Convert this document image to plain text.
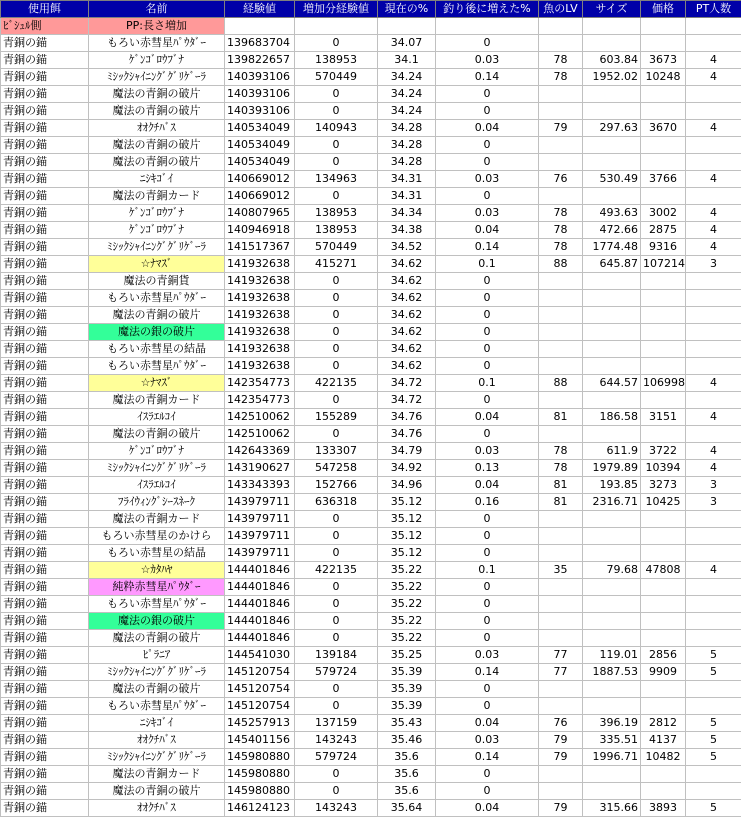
使用餌	名前	経験値	増加分経験値	現在の%	釣り後に増えた%	魚のLV	サイズ	価格	PT人数
ﾋﾞｼｭﾙ側	PP:長さ増加								
青銅の錨	もろい赤彗星ﾊﾟｳﾀﾞｰ	139683704	0	34.07	0				
青銅の錨	ｹﾞﾝｺﾞﾛｳﾌﾞﾅ	139822657	138953	34.1	0.03	78	603.84	3673	4
青銅の錨	ﾐｼｯｸｼｬｲﾆﾝｸﾞｸﾞﾘｹﾞｰﾗ	140393106	570449	34.24	0.14	78	1952.02	10248	4
青銅の錨	魔法の青銅の破片	140393106	0	34.24	0				
青銅の錨	魔法の青銅の破片	140393106	0	34.24	0				
青銅の錨	ｵｵｸﾁﾊﾞｽ	140534049	140943	34.28	0.04	79	297.63	3670	4
青銅の錨	魔法の青銅の破片	140534049	0	34.28	0				
青銅の錨	魔法の青銅の破片	140534049	0	34.28	0				
青銅の錨	ﾆｼｷｺﾞｲ	140669012	134963	34.31	0.03	76	530.49	3766	4
青銅の錨	魔法の青銅カード	140669012	0	34.31	0				
青銅の錨	ｹﾞﾝｺﾞﾛｳﾌﾞﾅ	140807965	138953	34.34	0.03	78	493.63	3002	4
青銅の錨	ｹﾞﾝｺﾞﾛｳﾌﾞﾅ	140946918	138953	34.38	0.04	78	472.66	2875	4
青銅の錨	ﾐｼｯｸｼｬｲﾆﾝｸﾞｸﾞﾘｹﾞｰﾗ	141517367	570449	34.52	0.14	78	1774.48	9316	4
青銅の錨	☆ﾅﾏｽﾞ	141932638	415271	34.62	0.1	88	645.87	107214	3
青銅の錨	魔法の青銅貨	141932638	0	34.62	0				
青銅の錨	もろい赤彗星ﾊﾟｳﾀﾞｰ	141932638	0	34.62	0				
青銅の錨	魔法の青銅の破片	141932638	0	34.62	0				
青銅の錨	魔法の銀の破片	141932638	0	34.62	0				
青銅の錨	もろい赤彗星の結晶	141932638	0	34.62	0				
青銅の錨	もろい赤彗星ﾊﾟｳﾀﾞｰ	141932638	0	34.62	0				
青銅の錨	☆ﾅﾏｽﾞ	142354773	422135	34.72	0.1	88	644.57	106998	4
青銅の錨	魔法の青銅カード	142354773	0	34.72	0				
青銅の錨	ｲｽﾗｴﾙｺｲ	142510062	155289	34.76	0.04	81	186.58	3151	4
青銅の錨	魔法の青銅の破片	142510062	0	34.76	0				
青銅の錨	ｹﾞﾝｺﾞﾛｳﾌﾞﾅ	142643369	133307	34.79	0.03	78	611.9	3722	4
青銅の錨	ﾐｼｯｸｼｬｲﾆﾝｸﾞｸﾞﾘｹﾞｰﾗ	143190627	547258	34.92	0.13	78	1979.89	10394	4
青銅の錨	ｲｽﾗｴﾙｺｲ	143343393	152766	34.96	0.04	81	193.85	3273	3
青銅の錨	ﾌﾗｲｳｨﾝｸﾞｼｰｽﾈｰｸ	143979711	636318	35.12	0.16	81	2316.71	10425	3
青銅の錨	魔法の青銅カード	143979711	0	35.12	0				
青銅の錨	もろい赤彗星のかけら	143979711	0	35.12	0				
青銅の錨	もろい赤彗星の結晶	143979711	0	35.12	0				
青銅の錨	☆ｶﾀﾊﾔ	144401846	422135	35.22	0.1	35	79.68	47808	4
青銅の錨	純粋赤彗星ﾊﾟｳﾀﾞｰ	144401846	0	35.22	0				
青銅の錨	もろい赤彗星ﾊﾟｳﾀﾞｰ	144401846	0	35.22	0				
青銅の錨	魔法の銀の破片	144401846	0	35.22	0				
青銅の錨	魔法の青銅の破片	144401846	0	35.22	0				
青銅の錨	ﾋﾟﾗﾆｱ	144541030	139184	35.25	0.03	77	119.01	2856	5
青銅の錨	ﾐｼｯｸｼｬｲﾆﾝｸﾞｸﾞﾘｹﾞｰﾗ	145120754	579724	35.39	0.14	77	1887.53	9909	5
青銅の錨	魔法の青銅の破片	145120754	0	35.39	0				
青銅の錨	もろい赤彗星ﾊﾟｳﾀﾞｰ	145120754	0	35.39	0				
青銅の錨	ﾆｼｷｺﾞｲ	145257913	137159	35.43	0.04	76	396.19	2812	5
青銅の錨	ｵｵｸﾁﾊﾞｽ	145401156	143243	35.46	0.03	79	335.51	4137	5
青銅の錨	ﾐｼｯｸｼｬｲﾆﾝｸﾞｸﾞﾘｹﾞｰﾗ	145980880	579724	35.6	0.14	79	1996.71	10482	5
青銅の錨	魔法の青銅カード	145980880	0	35.6	0				
青銅の錨	魔法の青銅の破片	145980880	0	35.6	0				
青銅の錨	ｵｵｸﾁﾊﾞｽ	146124123	143243	35.64	0.04	79	315.66	3893	5
